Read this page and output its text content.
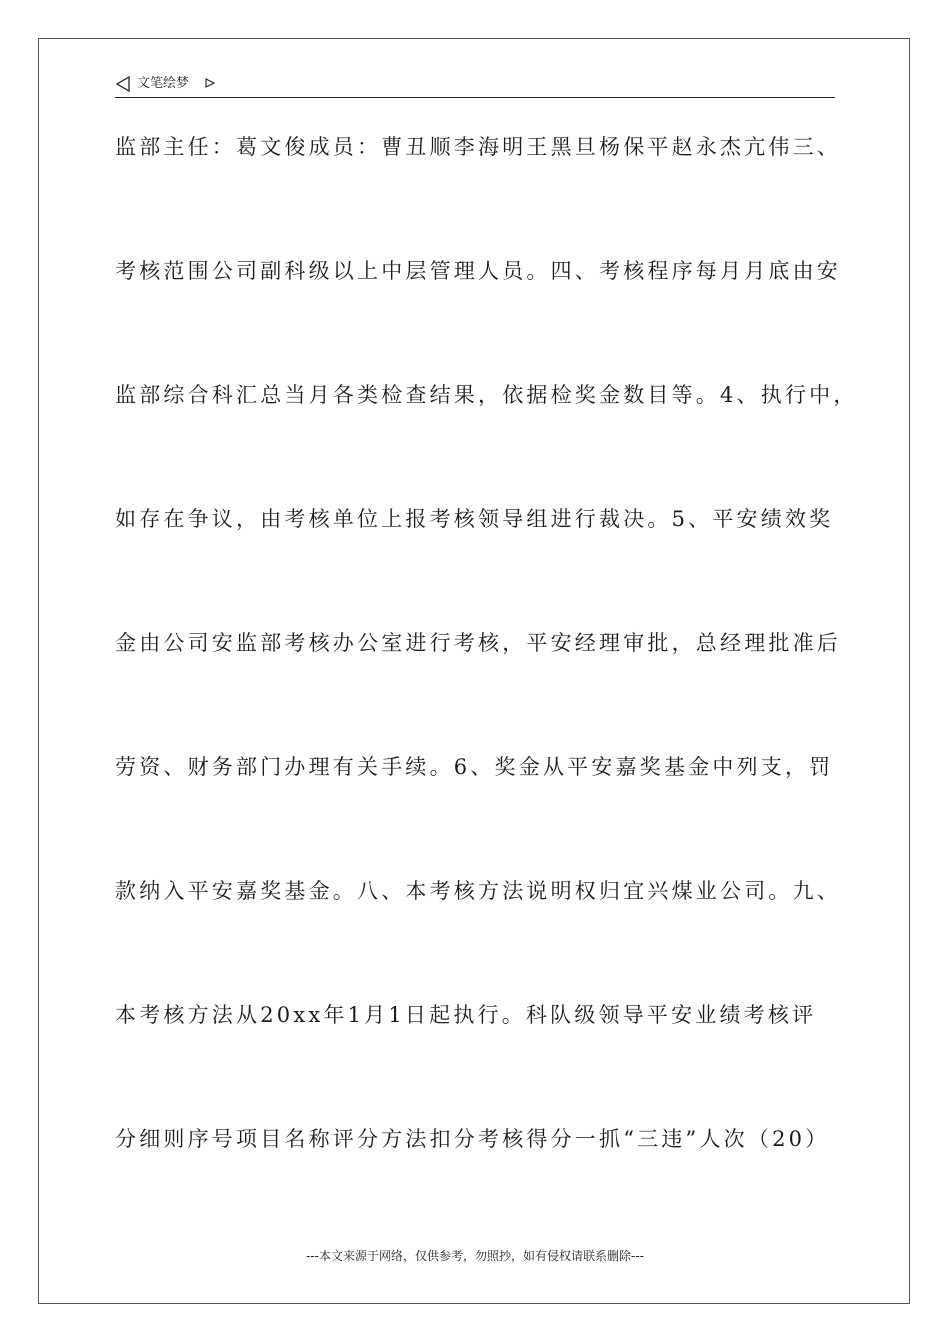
文笔绘梦
监部主任：葛文俊成员：曹丑顺李海明王黑旦杨保平赵永杰亢伟三、
考核范围公司副科级以上中层管理人员。四、考核程序每月月底由安
监部综合科汇总当月各类检查结果，依据检奖金数目等。4、执行中，
如存在争议，由考核单位上报考核领导组进行裁决。5、平安绩效奖
金由公司安监部考核办公室进行考核，平安经理审批，总经理批准后
劳资、财务部门办理有关手续。6、奖金从平安嘉奖基金中列支，罚
款纳入平安嘉奖基金。八、本考核方法说明权归宜兴煤业公司。九、
本考核方法从20xx年1月1日起执行。科队级领导平安业绩考核评
分细则序号项目名称评分方法扣分考核得分一抓“三违”人次（20）
---本文来源于网络，仅供参考，勿照抄，如有侵权请联系删除---
